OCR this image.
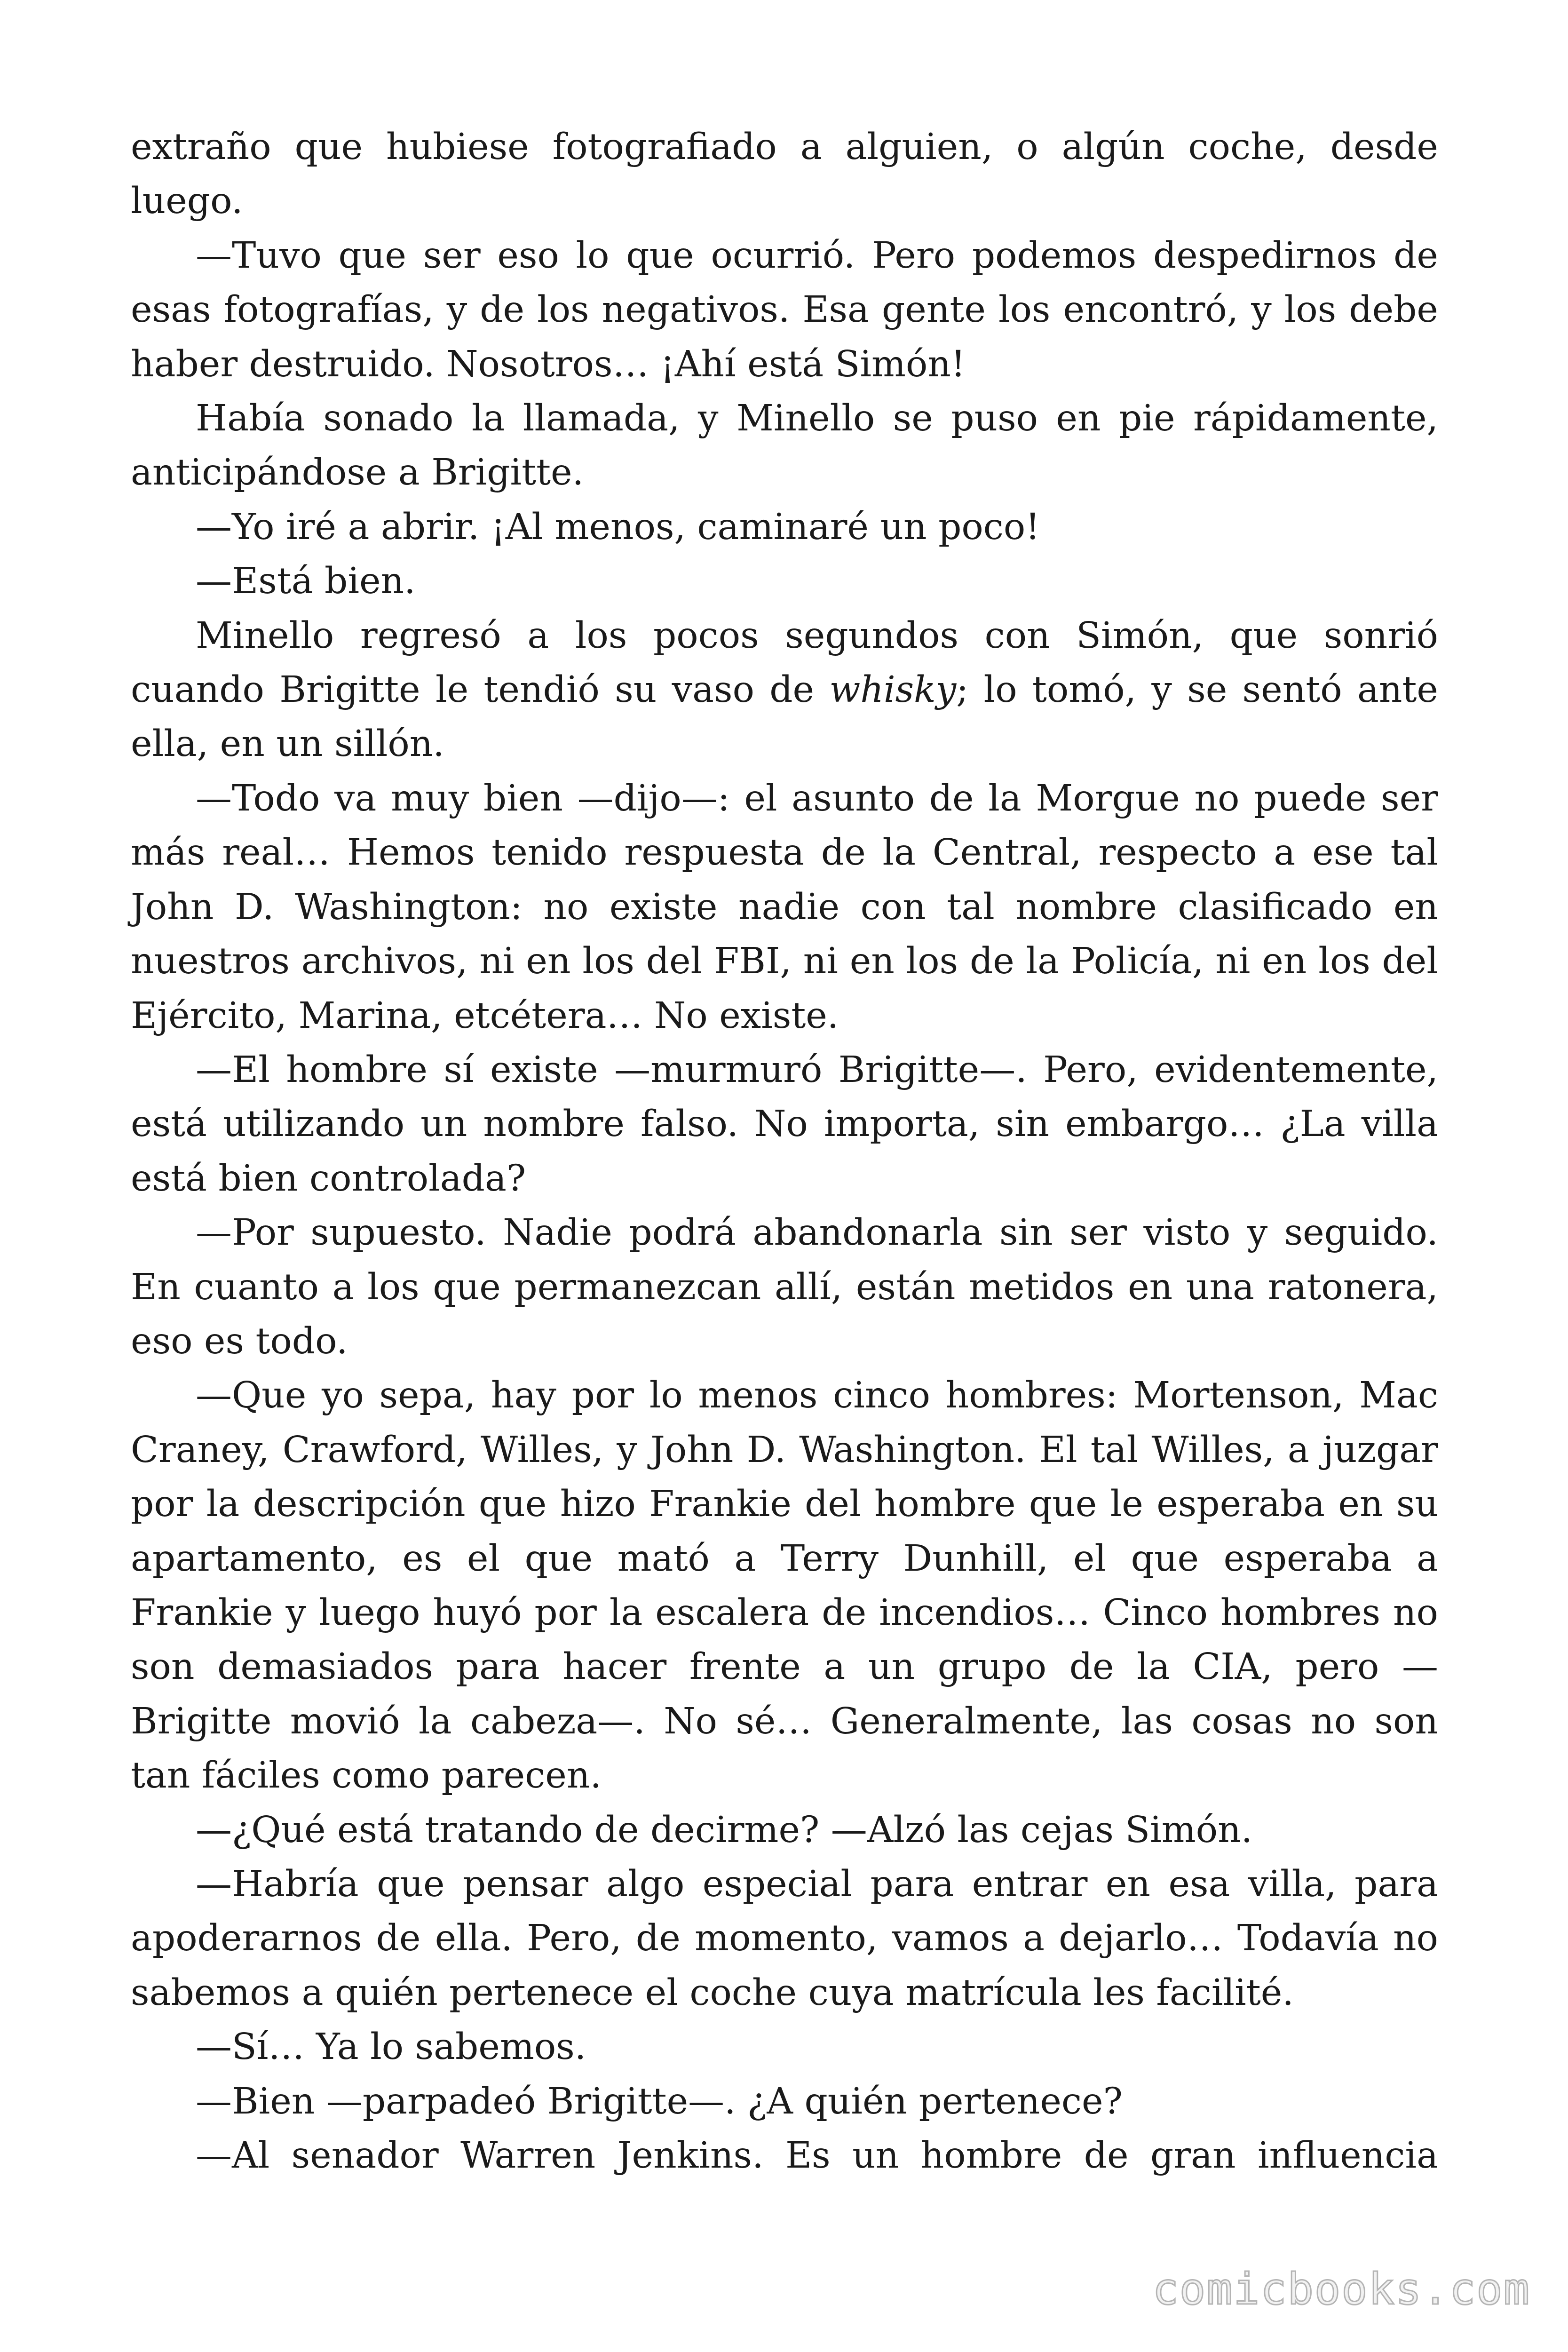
extraño que hubiese fotografiado a alguien, o algún coche, desde luego.

—Tuvo que ser eso lo que ocurrió. Pero podemos despedirnos de esas fotografías, y de los negativos. Esa gente los encontró, y los debe haber destruido. Nosotros… ¡Ahí está Simón!

Había sonado la llamada, y Minello se puso en pie rápidamente, anticipándose a Brigitte.

—Yo iré a abrir. ¡Al menos, caminaré un poco!

—Está bien.

Minello regresó a los pocos segundos con Simón, que sonrió cuando Brigitte le tendió su vaso de whisky; lo tomó, y se sentó ante ella, en un sillón.

—Todo va muy bien —dijo—: el asunto de la Morgue no puede ser más real… Hemos tenido respuesta de la Central, respecto a ese tal John D. Washington: no existe nadie con tal nombre clasificado en nuestros archivos, ni en los del FBI, ni en los de la Policía, ni en los del Ejército, Marina, etcétera… No existe.

—El hombre sí existe —murmuró Brigitte—. Pero, evidentemente, está utilizando un nombre falso. No importa, sin embargo… ¿La villa está bien controlada?

—Por supuesto. Nadie podrá abandonarla sin ser visto y seguido. En cuanto a los que permanezcan allí, están metidos en una ratonera, eso es todo.

—Que yo sepa, hay por lo menos cinco hombres: Mortenson, Mac Craney, Crawford, Willes, y John D. Washington. El tal Willes, a juzgar por la descripción que hizo Frankie del hombre que le esperaba en su apartamento, es el que mató a Terry Dunhill, el que esperaba a Frankie y luego huyó por la escalera de incendios… Cinco hombres no son demasiados para hacer frente a un grupo de la CIA, pero —Brigitte movió la cabeza—. No sé… Generalmente, las cosas no son tan fáciles como parecen.

—¿Qué está tratando de decirme? —Alzó las cejas Simón.

—Habría que pensar algo especial para entrar en esa villa, para apoderarnos de ella. Pero, de momento, vamos a dejarlo… Todavía no sabemos a quién pertenece el coche cuya matrícula les facilité.

—Sí… Ya lo sabemos.

—Bien —parpadeó Brigitte—. ¿A quién pertenece?

—Al senador Warren Jenkins. Es un hombre de gran influencia

comicbooks.com
